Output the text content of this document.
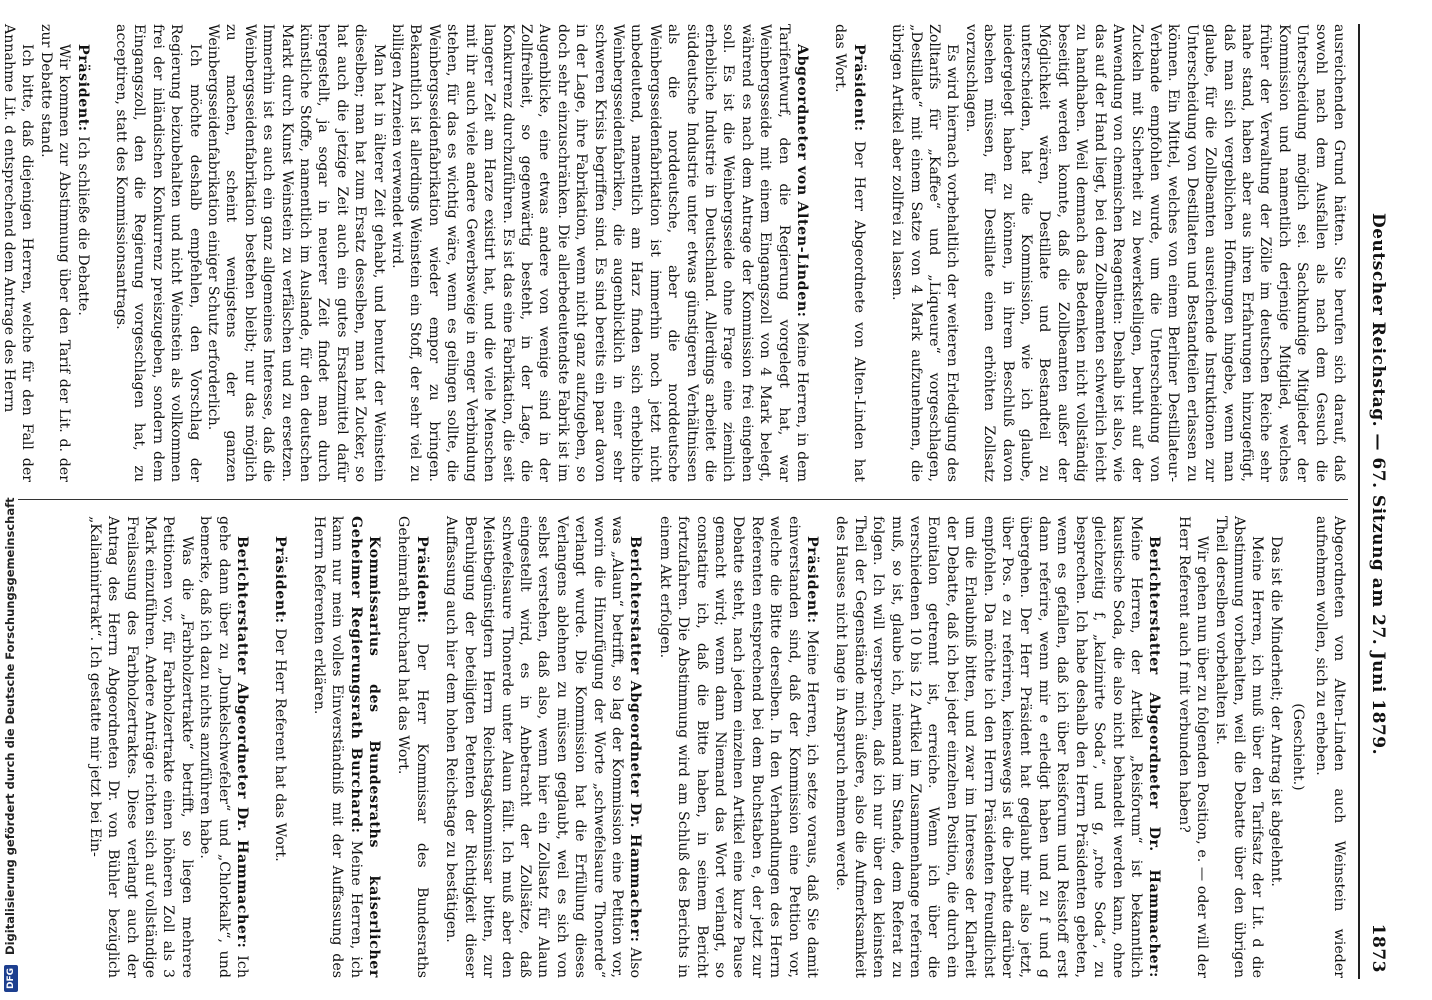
Deutscher Reichstag. — 67. Sitzung am 27. Juni 1879.
1873

ausreichenden Grund hätten. Sie berufen sich darauf, daß sowohl nach dem Ausfallen als nach dem Gesuch die Unterscheidung möglich sei. Sachkundige Mitglieder der Kommission und namentlich derjenige Mitglied, welches früher der Verwaltung der Zölle im deutschen Reiche sehr nahe stand, haben aber aus ihren Erfahrungen hinzugefügt, daß man sich vergeblichen Hoffnungen hingebe, wenn man glaube, für die Zollbeamten ausreichende Instruktionen zur Unterscheidung von Destillaten und Bestandteilen erlassen zu können. Ein Mittel, welches von einem Berliner Destillateur-Verbande empfohlen wurde, um die Unterscheidung von Zuckeln mit Sicherheit zu bewerkstelligen, beruht auf der Anwendung von chemischen Reagentien: Deshalb ist also, wie das auf der Hand liegt, bei dem Zollbeamten schwerlich leicht zu handhaben. Weil demnach das Bedenken nicht vollständig beseitigt werden konnte, daß die Zollbeamten außer der Möglichkeit wären, Destillate und Bestandteil zu unterscheiden, hat die Kommission, wie ich glaube, niedergelegt haben zu können, in ihrem Beschluß davon absehen müssen, für Destillate einen erhöhten Zollsatz vorzuschlagen.

Es wird hiernach vorbehaltlich der weiteren Erledigung des Zolltarifs für „Kaffee“ und „Liqueure“ vorgeschlagen, „Destillate“ mit einem Satze von 4 Mark aufzunehmen, die übrigen Artikel aber zollfrei zu lassen.

Präsident: Der Herr Abgeordnete von Alten-Linden hat das Wort.

Abgeordneter von Alten-Linden: Meine Herren, in dem Tarifentwurf, den die Regierung vorgelegt hat, war Weinbergsseide mit einem Eingangszoll von 4 Mark belegt, während es nach dem Antrage der Kommission frei eingehen soll. Es ist die Weinbergsseide ohne Frage eine ziemlich erhebliche Industrie in Deutschland. Allerdings arbeitet die süddeutsche Industrie unter etwas günstigeren Verhältnissen als die norddeutsche, aber die norddeutsche Weinbergsseidenfabrikation ist immerhin noch jetzt nicht unbedeutend, namentlich am Harz finden sich erhebliche Weinbergsseidenfabriken, die augenblicklich in einer sehr schweren Krisis begriffen sind. Es sind bereits ein paar davon in der Lage, ihre Fabrikation, wenn nicht ganz aufzugeben, so doch sehr einzuschränken. Die allerbedeutendste Fabrik ist im Augenblicke, eine etwas andere von wenige sind in der Zollfreiheit, so gegenwärtig besteht, in der Lage, die Konkurrenz durchzuführen. Es ist das eine Fabrikation, die seit langerer Zeit am Harze existirt hat, und die viele Menschen mit ihr auch viele andere Gewerbsweige in enger Verbindung stehen, für das es wichtig wäre, wenn es gelingen sollte, die Weinbergsseidenfabrikation wieder empor zu bringen. Bekanntlich ist allerdings Weinstein ein Stoff, der sehr viel zu billigen Arzneien verwendet wird.

Man hat in älterer Zeit gehabt, und benutzt der Weinstein dieselben; man hat zum Ersatz desselben, man hat Zucker, so hat auch die jetzige Zeit auch ein gutes Ersatzmittel dafür hergestellt, ja sogar in neuerer Zeit findet man durch künstliche Stoffe, namentlich im Auslande, für den deutschen Markt durch Kunst Weinstein zu verfälschen und zu ersetzen. Immerhin ist es auch ein ganz allgemeines Interesse, daß die Weinbergsseidenfabrikation bestehen bleibt; nur das möglich zu machen, scheint wenigstens der ganzen Weinbergsseidenfabrikation einiger Schutz erforderlich.

Ich möchte deshalb empfehlen, den Vorschlag der Regierung beizubehalten und nicht Weinstein als vollkommen frei der inländischen Konkurrenz preiszugeben, sondern dem Eingangszoll, den die Regierung vorgeschlagen hat, zu acceptiren, statt des Kommissionsantrags.

Präsident: Ich schließe die Debatte.

Wir kommen zur Abstimmung über den Tarif der Lit. d. der zur Debatte stand.

Ich bitte, daß diejenigen Herren, welche für den Fall der Annahme Lit. d entsprechend dem Antrage des Herrn

Abgeordneten von Alten-Linden auch Weinstein wieder aufnehmen wollen, sich zu erheben.

(Geschieht.)

Das ist die Minderheit; der Antrag ist abgelehnt.

Meine Herren, ich muß über den Tarifsatz der Lit. d die Abstimmung vorbehalten, weil die Debatte über den übrigen Theil derselben vorbehalten ist.

Wir gehen nun über zu folgenden Position, e. — oder will der Herr Referent auch f mit verbunden haben?

Berichterstatter Abgeordneter Dr. Hammacher: Meine Herren, der Artikel „Reisforum“ ist bekanntlich kaustische Soda, die also nicht behandelt werden kann, ohne gleichzeitig f, „kalzinirte Soda“, und g, „rohe Soda“, zu besprechen. Ich habe deshalb den Herrn Präsidenten gebeten, wenn es gefallen, daß ich über Reisforum und Reisstoff erst dann referire, wenn mir e erledigt haben und zu f und g übergehen. Der Herr Präsident hat geglaubt mir also jetzt, über Pos. e zu referiren, keineswegs ist die Debatte darüber empfohlen. Da möchte ich den Herrn Präsidenten freundlichst um die Erlaubniß bitten, und zwar im Interesse der Klarheit der Debatte, daß ich bei jeder einzelnen Position, die durch ein Eonitalon getrennt ist, erreiche. Wenn ich über die verschiedenen 10 bis 12 Artikel im Zusammenhange referiren muß, so ist, glaube ich, niemand im Stande, dem Referat zu folgen. Ich will versprechen, daß ich nur über den kleinsten Theil der Gegenstände mich äußere, also die Aufmerksamkeit des Hauses nicht lange in Anspruch nehmen werde.

Präsident: Meine Herren, ich setze voraus, daß Sie damit einverstanden sind, daß der Kommission eine Petition vor, welche die Bitte derselben. In den Verhandlungen des Herrn Referenten entsprechend bei dem Buchstaben e, der jetzt zur Debatte steht, nach jedem einzelnen Artikel eine kurze Pause gemacht wird; wenn dann Niemand das Wort verlangt, so constatire ich, daß die Bitte haben, in seinem Bericht fortzufahren. Die Abstimmung wird am Schluß des Berichts in einem Akt erfolgen.

Berichterstatter Abgeordneter Dr. Hammacher: Also was „Alaun“ betrifft, so lag der Kommission eine Petition vor, worin die Hinzufügung der Worte „schwefelsaure Thonerde“ verlangt wurde. Die Kommission hat die Erfüllung dieses Verlangens ablehnen zu müssen geglaubt, weil es sich von selbst verstehen, daß also, wenn hier ein Zollsatz für Alaun eingestellt wird, es in Anbetracht der Zollsätze, daß schwefelsaure Thonerde unter Alaun fällt. Ich muß aber den Meistbegünstigtern Herrn Reichstagskommissar bitten, zur Beruhigung der beteiligten Petenten der Richtigkeit dieser Auffassung auch hier dem hohen Reichstage zu bestätigen.

Präsident: Der Herr Kommissar des Bundesraths Geheimrath Burchard hat das Wort.

Kommissarius des Bundesraths kaiserlicher Geheimer Regierungsrath Burchard: Meine Herren, ich kann nur mein volles Einverständniß mit der Auffassung des Herrn Referenten erklären.

Präsident: Der Herr Referent hat das Wort.

Berichterstatter Abgeordneter Dr. Hammacher: Ich gehe dann über zu „Dunkelschwefeler“ und „Chlorkalk“, und bemerke, daß ich dazu nichts anzuführen habe.

Was die „Farbholzertrakte“ betrifft, so liegen mehrere Petitionen vor, für Farbholzertrakte einen höheren Zoll als 3 Mark einzuführen. Andere Anträge richten sich auf vollständige Freilassung des Farbholzertraktes. Diese verlangt auch der Antrag des Herrn Abgeordneten Dr. von Bühler bezüglich „Kalianinirtrakt“. Ich gestatte mir jetzt bei Ein-

DFG Digitalisierung gefördert durch die Deutsche Forschungsgemeinschaft
